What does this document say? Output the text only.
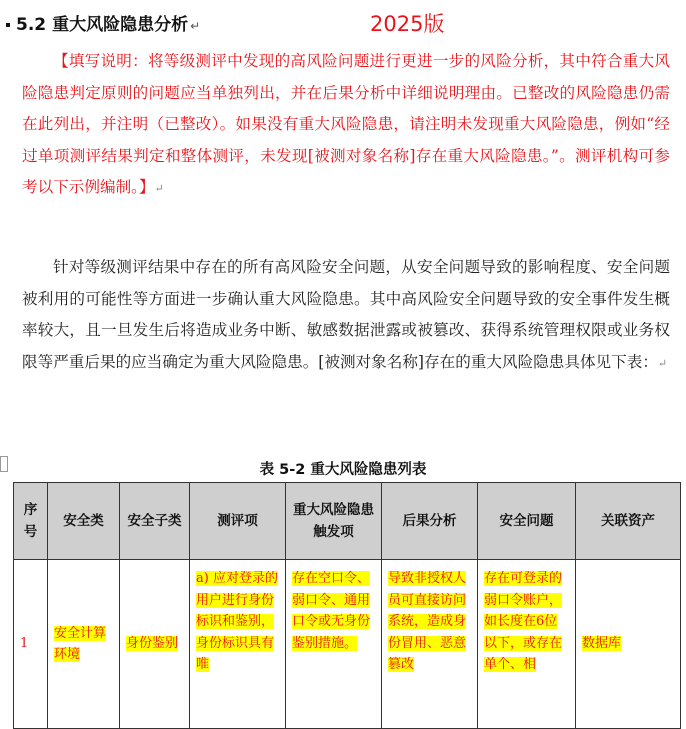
5.2 重大风险隐患分析 ↵	2025版

【填写说明：将等级测评中发现的高风险问题进行更进一步的风险分析，其中符合重大风险隐患判定原则的问题应当单独列出，并在后果分析中详细说明理由。已整改的风险隐患仍需在此列出，并注明（已整改）。如果没有重大风险隐患，请注明未发现重大风险隐患，例如“经过单项测评结果判定和整体测评，未发现[被测对象名称]存在重大风险隐患。”。测评机构可参考以下示例编制。】↵

针对等级测评结果中存在的所有高风险安全问题，从安全问题导致的影响程度、安全问题被利用的可能性等方面进一步确认重大风险隐患。其中高风险安全问题导致的安全事件发生概率较大，且一旦发生后将造成业务中断、敏感数据泄露或被篡改、获得系统管理权限或业务权限等严重后果的应当确定为重大风险隐患。[被测对象名称]存在的重大风险隐患具体见下表：↵

表 5-2 重大风险隐患列表
序号	安全类	安全子类	测评项	重大风险隐患触发项	后果分析	安全问题	关联资产
1	安全计算环境	身份鉴别	a) 应对登录的用户进行身份标识和鉴别，身份标识具有唯	存在空口令、弱口令、通用口令或无身份鉴别措施。	导致非授权人员可直接访问系统，造成身份冒用、恶意篡改	存在可登录的弱口令账户，如长度在6位以下，或存在单个、相	数据库
